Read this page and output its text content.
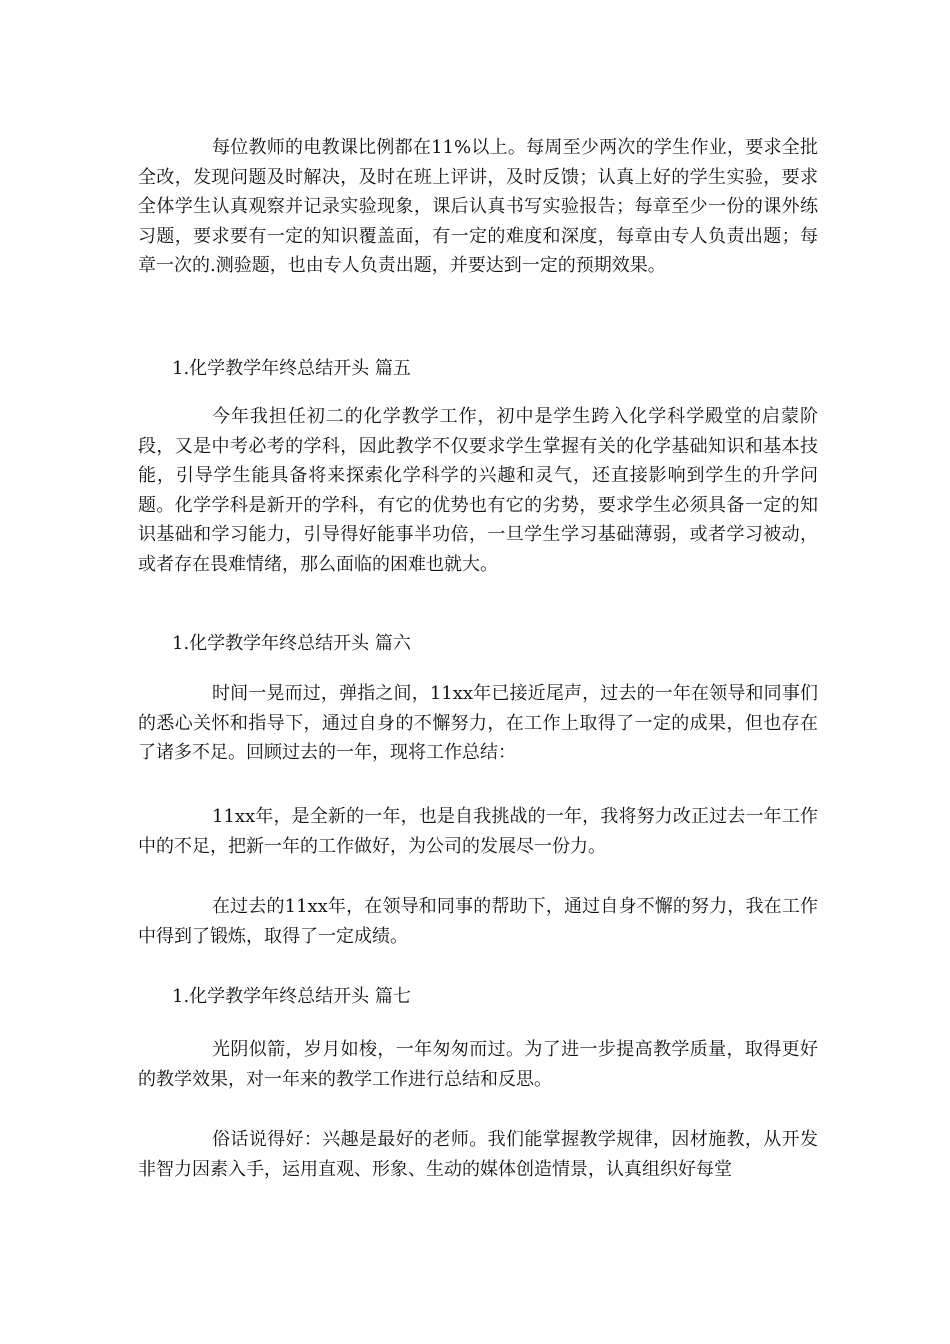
每位教师的电教课比例都在11%以上。每周至少两次的学生作业，要求全批全改，发现问题及时解决，及时在班上评讲，及时反馈；认真上好的学生实验，要求全体学生认真观察并记录实验现象，课后认真书写实验报告；每章至少一份的课外练习题，要求要有一定的知识覆盖面，有一定的难度和深度，每章由专人负责出题；每章一次的.测验题，也由专人负责出题，并要达到一定的预期效果。

1.化学教学年终总结开头 篇五

今年我担任初二的化学教学工作，初中是学生跨入化学科学殿堂的启蒙阶段，又是中考必考的学科，因此教学不仅要求学生掌握有关的化学基础知识和基本技能，引导学生能具备将来探索化学科学的兴趣和灵气，还直接影响到学生的升学问题。化学学科是新开的学科，有它的优势也有它的劣势，要求学生必须具备一定的知识基础和学习能力，引导得好能事半功倍，一旦学生学习基础薄弱，或者学习被动，或者存在畏难情绪，那么面临的困难也就大。

1.化学教学年终总结开头 篇六

时间一晃而过，弹指之间，11xx年已接近尾声，过去的一年在领导和同事们的悉心关怀和指导下，通过自身的不懈努力，在工作上取得了一定的成果，但也存在了诸多不足。回顾过去的一年，现将工作总结：

11xx年，是全新的一年，也是自我挑战的一年，我将努力改正过去一年工作中的不足，把新一年的工作做好，为公司的发展尽一份力。

在过去的11xx年，在领导和同事的帮助下，通过自身不懈的努力，我在工作中得到了锻炼，取得了一定成绩。

1.化学教学年终总结开头 篇七

光阴似箭，岁月如梭，一年匆匆而过。为了进一步提高教学质量，取得更好的教学效果，对一年来的教学工作进行总结和反思。

俗话说得好：兴趣是最好的老师。我们能掌握教学规律，因材施教，从开发非智力因素入手，运用直观、形象、生动的媒体创造情景，认真组织好每堂
